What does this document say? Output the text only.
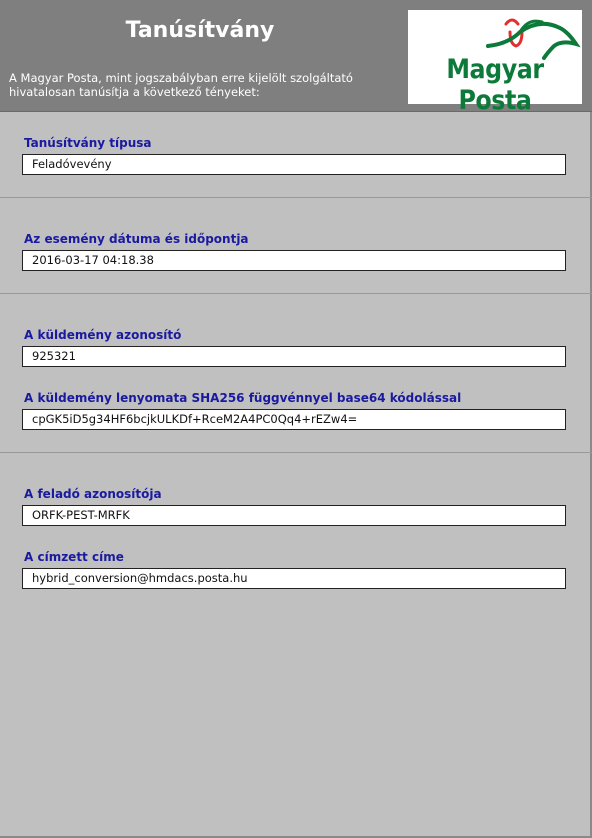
Tanúsítvány
A Magyar Posta, mint jogszabályban erre kijelölt szolgáltató hivatalosan tanúsítja a következő tényeket:
Magyar Posta
Tanúsítvány típusa
Feladóvevény
Az esemény dátuma és időpontja
2016-03-17 04:18.38
A küldemény azonosító
925321
A küldemény lenyomata SHA256 függvénnyel base64 kódolással
cpGK5iD5g34HF6bcjkULKDf+RceM2A4PC0Qq4+rEZw4=
A feladó azonosítója
ORFK-PEST-MRFK
A címzett címe
hybrid_conversion@hmdacs.posta.hu
